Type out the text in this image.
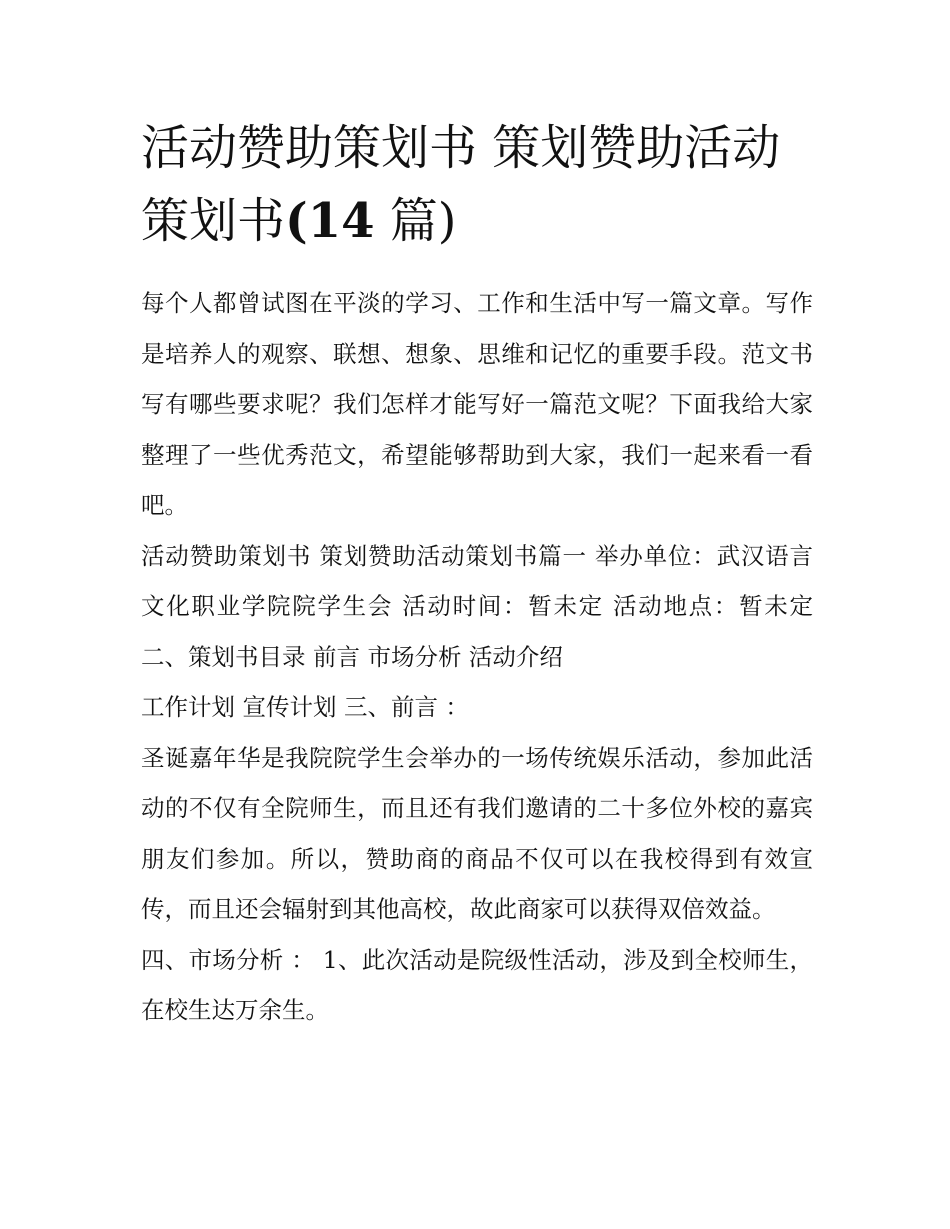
活动赞助策划书 策划赞助活动策划书(14 篇)

每个人都曾试图在平淡的学习、工作和生活中写一篇文章。写作是培养人的观察、联想、想象、思维和记忆的重要手段。范文书写有哪些要求呢？我们怎样才能写好一篇范文呢？下面我给大家整理了一些优秀范文，希望能够帮助到大家，我们一起来看一看吧。

活动赞助策划书 策划赞助活动策划书篇一 举办单位：武汉语言文化职业学院院学生会 活动时间：暂未定 活动地点：暂未定 二、策划书目录 前言 市场分析 活动介绍

工作计划 宣传计划 三、前言 ：

圣诞嘉年华是我院院学生会举办的一场传统娱乐活动，参加此活动的不仅有全院师生，而且还有我们邀请的二十多位外校的嘉宾朋友们参加。所以，赞助商的商品不仅可以在我校得到有效宣传，而且还会辐射到其他高校，故此商家可以获得双倍效益。

四、市场分析 ： 1、此次活动是院级性活动，涉及到全校师生，在校生达万余生。
